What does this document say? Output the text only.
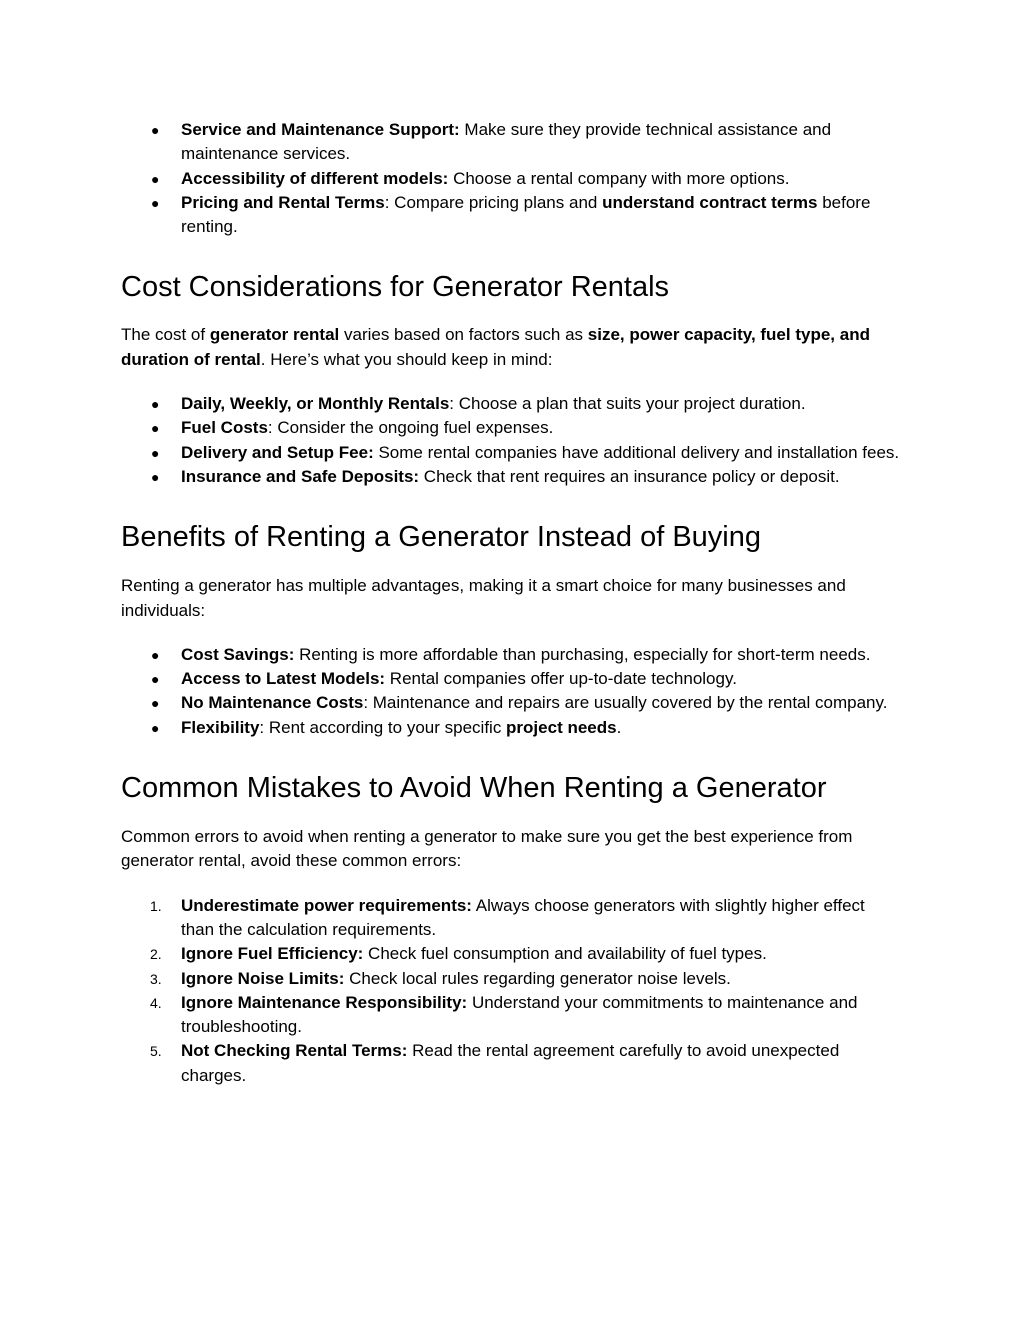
● Service and Maintenance Support: Make sure they provide technical assistance and maintenance services.
● Accessibility of different models: Choose a rental company with more options.
● Pricing and Rental Terms: Compare pricing plans and understand contract terms before renting.
Cost Considerations for Generator Rentals

The cost of generator rental varies based on factors such as size, power capacity, fuel type, and duration of rental. Here’s what you should keep in mind:

● Daily, Weekly, or Monthly Rentals: Choose a plan that suits your project duration.
● Fuel Costs: Consider the ongoing fuel expenses.
● Delivery and Setup Fee: Some rental companies have additional delivery and installation fees.
● Insurance and Safe Deposits: Check that rent requires an insurance policy or deposit.
Benefits of Renting a Generator Instead of Buying

Renting a generator has multiple advantages, making it a smart choice for many businesses and individuals:

● Cost Savings: Renting is more affordable than purchasing, especially for short-term needs.
● Access to Latest Models: Rental companies offer up-to-date technology.
● No Maintenance Costs: Maintenance and repairs are usually covered by the rental company.
● Flexibility: Rent according to your specific project needs.
Common Mistakes to Avoid When Renting a Generator

Common errors to avoid when renting a generator to make sure you get the best experience from generator rental, avoid these common errors:

1. Underestimate power requirements: Always choose generators with slightly higher effect than the calculation requirements.
2. Ignore Fuel Efficiency: Check fuel consumption and availability of fuel types.
3. Ignore Noise Limits: Check local rules regarding generator noise levels.
4. Ignore Maintenance Responsibility: Understand your commitments to maintenance and troubleshooting.
5. Not Checking Rental Terms: Read the rental agreement carefully to avoid unexpected charges.
